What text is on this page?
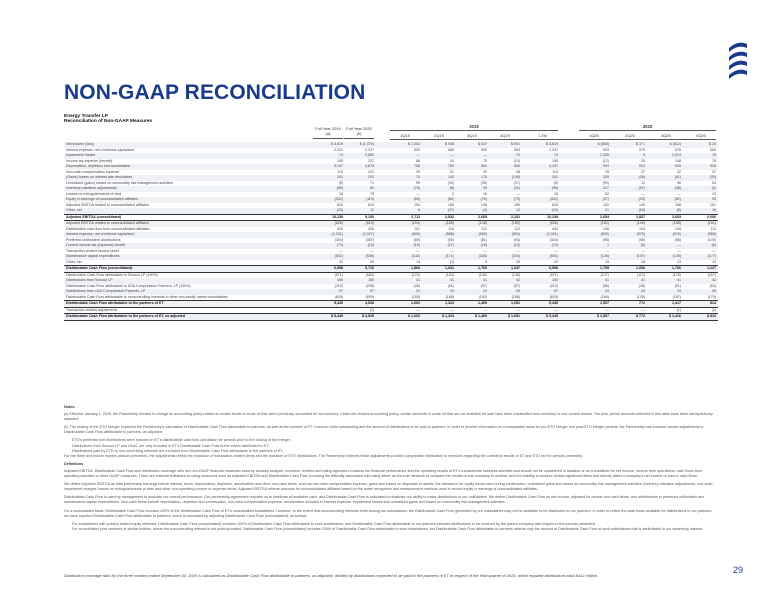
NON-GAAP RECONCILIATION
Energy Transfer LP
Reconciliation of Non-GAAP Measures
Full Year 2019 (a)
Full Year 2020 (b)	1Q19	2Q19	3Q19	4Q19	LTM	1Q20	2Q20	3Q20	4Q20
2019	2020
Net income (loss)	$ 3,819	$ (1,076)	$ 1,053	$ 938	$ 927	$ 901	$ 3,819	$ (855)	$ 371	$ (612)	$ 20
Interest expense, net of interest capitalized	2,331	2,327	600	588	590	553	2,331	603	579	576	569
Impairment losses	74	2,880	—	—	—	74	74	1,325	5	1,474	76
Income tax expense (benefit)	195	237	86	44	75	(10)	195	(12)	25	148	76
Depreciation, depletion and amortization	3,147	3,678	758	783	800	806	3,147	904	913	926	935
Non-cash compensation expense	113	121	25	31	29	28	113	25	27	32	37
(Gains) losses on interest rate derivatives	241	203	74	140	175	(148)	241	329	(35)	(61)	(30)
Unrealized (gains) losses on commodity risk management activities	(5)	71	99	(32)	(35)	(37)	(5)	(90)	11	96	54
Inventory valuation adjustments	(95)	82	(75)	(8)	20	(32)	(95)	227	(97)	(46)	(2)
Losses on extinguishments of debt	18	75	—	2	16	—	18	62	—	—	13
Equity in earnings of unconsolidated affiliates	(302)	(119)	(69)	(82)	(76)	(75)	(302)	(37)	(93)	(82)	93
Adjusted EBITDA related to unconsolidated affiliates	626	610	154	165	148	159	626	152	149	158	151
Other, net	(23)	11	6	(37)	(4)	12	(23)	21	(18)	(8)	16
Adjusted EBITDA (consolidated)	10,139	9,100	2,711	2,532	2,665	2,231	10,139	2,654	1,837	2,603	2,006
Adjusted EBITDA related to unconsolidated affiliates	(626)	(610)	(154)	(165)	(148)	(159)	(626)	(152)	(149)	(158)	(151)
Distributable cash flow from unconsolidated affiliates	443	426	101	118	112	112	443	106	104	105	111
Interest expense, net of interest capitalized	(2,331)	(2,327)	(600)	(588)	(590)	(553)	(2,331)	(603)	(579)	(576)	(569)
Preferred unitholders' distributions	(304)	(387)	(65)	(65)	(81)	(93)	(304)	(96)	(95)	(96)	(100)
Current income tax (expense) benefit	(73)	(10)	(15)	(27)	(18)	(13)	(73)	1	(5)	—	(6)
Transaction-related income taxes	—	—	—	—	—	—	—	—	—	—	—
Maintenance capital expenditures	(692)	(535)	(132)	(171)	(185)	(204)	(692)	(126)	(107)	(125)	(177)
Other, net	42	59	14	(3)	5	26	42	15	18	13	13
Distributable Cash Flow (consolidated)	6,598	5,716	1,860	1,631	1,760	1,347	6,598	1,799	1,006	1,766	1,127
Distributable Cash Flow attributable to Sunoco LP (100%)	(571)	(583)	(123)	(154)	(146)	(148)	(571)	(137)	(113)	(176)	(157)
Distributions from Sunoco LP	165	165	41	41	41	42	165	41	41	41	42
Distributable Cash Flow attributable to USA Compression Partners, LP (100%)	(210)	(208)	(45)	(51)	(57)	(57)	(210)	(56)	(48)	(51)	(53)
Distributions from USA Compression Partners, LP	97	97	24	24	24	25	97	24	24	24	25
Distributable Cash Flow attributable to noncontrolling interests in other non-wholly owned subsidiaries	(634)	(659)	(155)	(168)	(153)	(158)	(634)	(164)	(138)	(187)	(170)
Distributable Cash Flow attributable to the partners of ET	5,445	4,528	1,602	1,323	1,469	1,051	5,445	1,507	772	1,417	814
Transaction-related adjustments	—	(3)	—	—	—	—	—	—	—	(1)	(2)
Distributable Cash Flow attributable to the partners of ET, as adjusted	$ 5,445	$ 4,525	$ 1,602	$ 1,323	$ 1,469	$ 1,051	$ 5,445	$ 1,507	$ 772	$ 1,416	$ 812

Notes:

(a) Effective January 1, 2020, the Partnership elected to change its accounting policy related to certain levels of crude oil that were previously accounted for as inventory. Under the revised accounting policy, certain amounts of crude oil that are not available for sale have been reclassified from inventory to non-current assets. The prior period amounts reflected in this table have been retrospectively adjusted.

(b) The closing of the ETO Merger impacted the Partnership's calculation of Distributable Cash Flow attributable to partners, as well as the number of ET Common Units outstanding and the amount of distributions to be paid to partners. In order to provide information on a comparable basis for pre-ETO Merger and post-ETO Merger periods, the Partnership has included certain adjustments to Distributable Cash Flow attributable to partners, as adjusted:

ETO's preferred unit distributions were included in ET's distributable cash flow calculation for periods prior to the closing of the merger;

Distributions from Sunoco LP and USAC are only included in ET's Distributable Cash Flow to the extent distributed to ET;

Distributions paid by ETO to non-controlling interests are excluded from Distributable Cash Flow attributable to the partners of ET.

For the three and twelve months periods presented, the adjustments reflect the exclusion of transaction-related items and the inclusion of ETO distributions. The Partnership believes these adjustments provide comparable information to investors regarding the combined results of ET and ETO for the periods presented.

Definitions

Adjusted EBITDA, Distributable Cash Flow and distribution coverage ratio are non-GAAP financial measures used by industry analysts, investors, lenders and rating agencies to assess the financial performance and the operating results of ET's fundamental business activities and should not be considered in isolation or as a substitute for net income, income from operations, cash flows from operating activities or other GAAP measures. There are material limitations to using measures such as Adjusted EBITDA and Distributable Cash Flow, including the difficulty associated with using either as the sole measure to compare the results of one company to another, and the inability to analyze certain significant items that directly affect a company's net income or loss or cash flows.

We define Adjusted EBITDA as total partnership earnings before interest, taxes, depreciation, depletion, amortization and other non-cash items, such as non-cash compensation expense, gains and losses on disposals of assets, the allowance for equity funds used during construction, unrealized gains and losses on commodity risk management activities, inventory valuation adjustments, non-cash impairment charges, losses on extinguishments of debt and other non-operating income or expense items. Adjusted EBITDA reflects amounts for unconsolidated affiliates based on the same recognition and measurement methods used to record equity in earnings of unconsolidated affiliates.

Distributable Cash Flow is used by management to evaluate our overall performance. Our partnership agreement requires us to distribute all available cash, and Distributable Cash Flow is calculated to evaluate our ability to make distributions to our unitholders. We define Distributable Cash Flow as net income, adjusted for certain non-cash items, less distributions to preferred unitholders and maintenance capital expenditures. Non-cash items include depreciation, depletion and amortization, non-cash compensation expense, amortization included in interest expense, impairment losses and unrealized gains and losses on commodity risk management activities.

On a consolidated basis, Distributable Cash Flow includes 100% of the Distributable Cash Flow of ET's consolidated subsidiaries. However, to the extent that noncontrolling interests exist among our subsidiaries, the Distributable Cash Flow generated by our subsidiaries may not be available to be distributed to our partners. In order to reflect the cash flows available for distributions to our partners, we have reported Distributable Cash Flow attributable to partners, which is calculated by adjusting Distributable Cash Flow (consolidated), as follows:

For subsidiaries with publicly traded equity interests, Distributable Cash Flow (consolidated) includes 100% of Distributable Cash Flow attributable to such subsidiaries, and Distributable Cash Flow attributable to our partners includes distributions to be received by the parent company with respect to the periods presented.

For consolidated joint ventures or similar entities, where the noncontrolling interest is not publicly traded, Distributable Cash Flow (consolidated) includes 100% of Distributable Cash Flow attributable to such subsidiaries, but Distributable Cash Flow attributable to partners reflects only the amount of Distributable Cash Flow of such subsidiaries that is attributable to our ownership interest.

Distribution coverage ratio for the three months ended September 30, 2020 is calculated as Distributable Cash Flow attributable to partners, as adjusted, divided by distributions expected to be paid to the partners of ET in respect of the third quarter of 2020, which equaled distributions total $412 million.
29
